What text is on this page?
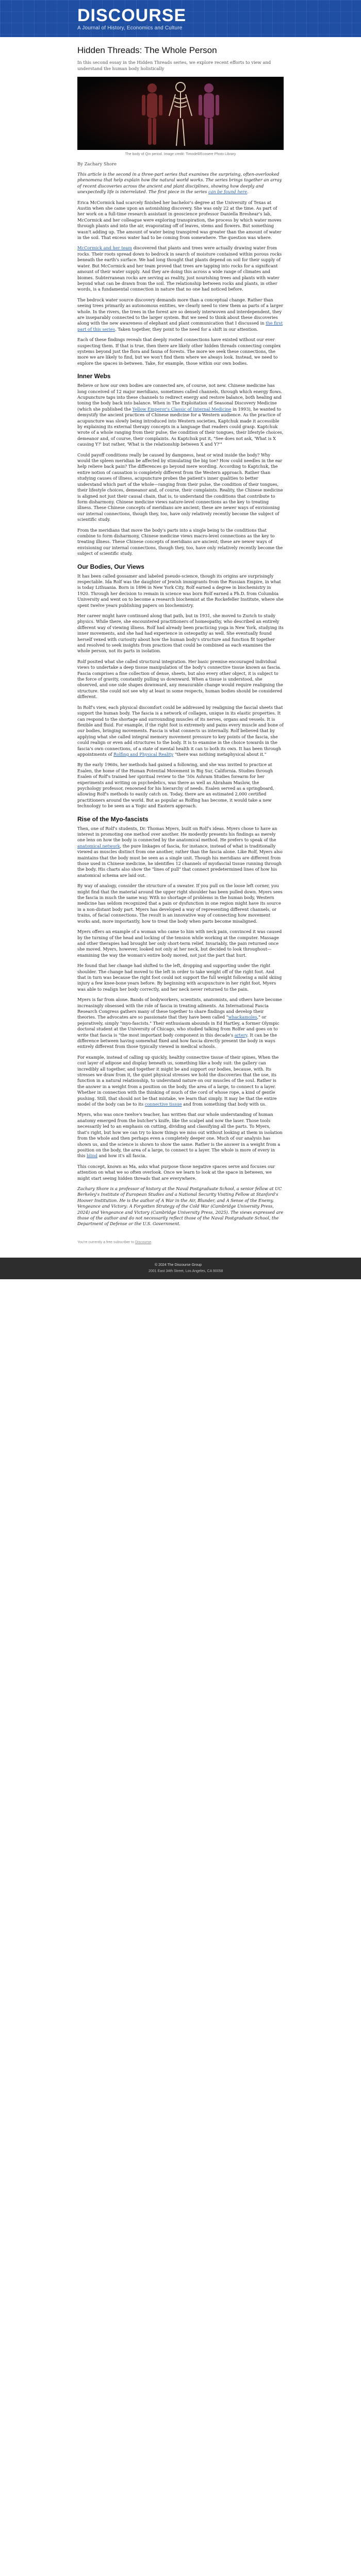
DISCOURSE
A Journal of History, Economics and Culture
Hidden Threads: The Whole Person

In this second essay in the Hidden Threads series, we explore recent efforts to view and understand the human body holistically

The body of Qin period. Image credit: Timodell/Ecosere Photo Library
By Zachary Shore

This article is the second in a three-part series that examines the surprising, often-overlooked phenomena that help explain how the natural world works. The series brings together an array of recent discoveries across the ancient and plant disciplines, showing how deeply and unexpectedly life is interrelated. The first piece in the series can be found here.

Erica McCormick had scarcely finished her bachelor's degree at the University of Texas at Austin when she came upon an astonishing discovery. She was only 22 at the time. As part of her work on a full-time research assistant in geoscience professor Daniella Breshear's lab, McCormick and her colleague were exploring transpiration, the process by which water moves through plants and into the air, evaporating off of leaves, stems and flowers. But something wasn't adding up. The amount of water being transpired was greater than the amount of water in the soil. That excess water had to be coming from somewhere. The question was where.

McCormick and her team discovered that plants and trees were actually drawing water from rocks. Their roots spread down to bedrock in search of moisture contained within porous rocks beneath the earth's surface. We had long thought that plants depend on soil for their supply of water. But McCormick and her team proved that trees are tapping into rocks for a significant amount of their water supply. And they are doing this across a wide range of climates and biomes. Subterranean rocks are serving as reality, just nourishing trees and plants with water beyond what can be drawn from the soil. The relationship between rocks and plants, in other words, is a fundamental connection in nature that no one had noticed before.

The bedrock water source discovery demands more than a conceptual change. Rather than seeing trees primarily as autonomous entities, we clearly need to view them as parts of a larger whole. In the rivers, the trees in the forest are so densely interwoven and interdependent, they are inseparably connected to the larger system. But we need to think about these discoveries along with the new awareness of elephant and plant communication that I discussed in the first part of this series. Taken together, they point to the need for a shift in our attention.

Each of these findings reveals that deeply rooted connections have existed without our ever suspecting them. If that is true, then there are likely other hidden threads connecting complex systems beyond just the flora and fauna of forests. The more we seek these connections, the more we are likely to find, but we won't find them where we always look. Instead, we need to explore the spaces in-between. Take, for example, those within our own bodies.

Inner Webs

Believe or how our own bodies are connected are, of course, not new. Chinese medicine has long conceived of 12 major meridians, sometimes called channels, through which energy flows. Acupuncture taps into these channels to redirect energy and restore balance, both healing and toning the body back into balance. When in The Exploitation of Seasonal Discovery Medicine (which she published the Yellow Emperor's Classic of Internal Medicine in 1993), he wanted to demystify the ancient practices of Chinese medicine for a Western audience. As the practice of acupuncture was slowly being introduced into Western societies, Kaptchuk made it accessible by explaining its external therapy concepts in a language that readers could grasp. Kaptchuk wrote of a whole ranging from their pulse, the condition of their tongues, their lifestyle choices, demeanor and, of course, their complaints. As Kaptchuk put it, "See does not ask, 'What is X causing Y?' but rather, 'What is the relationship between X and Y?'"

Could payoff conditions really be caused by dampness, heat or wind inside the body? Why would the spleen meridian be affected by stimulating the big toe? How could needles in the ear help relieve back pain? The differences go beyond mere wording. According to Kaptchuk, the entire notion of causation is completely different from the Western approach. Rather than studying causes of illness, acupuncture probes the patient's inner qualities to better understand which part of the whole—ranging from their pulse, the condition of their tongues, their lifestyle choices, demeanor and, of course, their complaints. Reality, the Chinese medicine is aligned not just their causal chain, that is, to understand the conditions that contribute to form disharmony. Chinese medicine views nature-level connections as the key to treating illness. These Chinese concepts of meridians are ancient; these are newer ways of envisioning our internal connections, though they, too, have only relatively recently become the subject of scientific study.

From the meridians that move the body's parts into a single being to the conditions that combine to form disharmony, Chinese medicine views macro-level connections as the key to treating illness. These Chinese concepts of meridians are ancient; these are newer ways of envisioning our internal connections, though they, too, have only relatively recently become the subject of scientific study.

Our Bodies, Our Views

It has been called gossamer and labeled pseudo-science, though its origins are surprisingly respectable. Ida Rolf was the daughter of Jewish immigrants from the Russian Empire, in what is today Lithuania. Born in 1896 in New York City, Rolf earned a degree in biochemistry in 1920. Through her decision to remain in science was born Rolf earned a Ph.D. from Columbia University and went on to become a research biochemist at the Rockefeller Institute, where she spent twelve years publishing papers on biochemistry.

Her career might have continued along that path, but in 1931, she moved to Zurich to study physics. While there, she encountered practitioners of homeopathy, who described an entirely different way of viewing illness. Rolf had already been practicing yoga in New York, studying its inner movements, and she had had experience in osteopathy as well. She eventually found herself vexed with curiosity about how the human body's structure and function fit together and resolved to seek insights from practices that could be combined as each examines the whole person, not its parts in isolation.

Rolf posited what she called structural integration. Her basic premise encouraged individual views to undertake a deep tissue manipulation of the body's connective tissue known as fascia. Fascia comprises a fine collection of dense, sheets, but also every other object, it is subject to the force of gravity, constantly pulling us downward. When a tissue is understood, she observed, and one side shapes downward, any measurable change would require realigning the structure. She could not see why at least in some respects, human bodies should be considered different.

In Rolf's view, each physical discomfort could be addressed by realigning the fascial sheets that support the human body. The fascia is a network of collagen, unique in its elastic properties. It can respond to the shortage and surrounding muscles of its nerves, organs and vessels. It is flexible and fluid. For example, if the right foot is extremely and pains every muscle and bone of our bodies, bringing movements. Fascia is what connects us internally. Rolf believed that by applying what she called integral memory movement pressure to key points of the fascia, she could realign or even add structures to the body. It is to examine in the choice towards in the fascia's own connections, of a state of mental health it can to both its own. It has been through appointments of Rolfing and Physical Reality "there was nothing metaphysical about it."

By the early 1960s, her methods had gained a following, and she was invited to practice at Esalen, the home of the Human Potential Movement in Big Sur, California. Studies through Esalen of Rolf's trained her spiritual review to the '50s Ashram Studies forearm for her experiments and writing on psychedelics, was there as well as Abraham Maslow, the psychology professor, renowned for his hierarchy of needs. Esalen served as a springboard, allowing Rolf's methods to easily catch on. Today, there are an estimated 2,000 certified practitioners around the world. But as popular as Rolfing has become, it would take a new technology to be seen as a Yogic and Eastern approach.

Rise of the Myo-fascists

Then, one of Rolf's students, Dr. Thomas Myers, built on Rolf's ideas. Myers chose to have an interest in promoting one method over another. He modestly presents his findings as merely one lens on how the body is connected by the anatomical method. He prefers to speak of the anatomical network, the pure linkages of fascia, for instance, instead of what is traditionally viewed as muscles distinct from one another, rather than the fascia alone. Like Rolf, Myers also maintains that the body must be seen as a single unit. Though his meridians are different from those used in Chinese medicine, he identifies 12 channels of myofascial tissue running through the body. His charts also show the "lines of pull" that connect predetermined lines of how his anatomical schema are laid out.

By way of analogy, consider the structure of a sweater. If you pull on the loose left corner, you might find that the material around the upper right shoulder has been pulled down. Myers sees the fascia in much the same way. With no shortage of problems in the human body, Western medicine has seldom recognized that a pain or dysfunction in one region might have its source in a non-distant body part. Myers has developed a way of representing different channels, or trains, of facial connections. The result is an innovative way of connecting how movement works and, more importantly, how to treat the body when parts become misaligned.

Myers offers an example of a woman who came to him with neck pain, convinced it was caused by the turning of the head and locking of the tension while working at the computer. Massage and other therapies had brought her only short-term relief. Invariably, the pain returned once she moved. Myers, however, looked not only at her neck, but decided to look throughout—examining the way the woman's entire body moved, not just the part that hurt.

He found that her change had shifted to the left, dropping and supporting under the right shoulder. The change had moved to the left in order to take weight off of the right foot. And that in turn was because the right foot could not support the full weight following a mild skiing injury a few knee-bone years before. By beginning with acupuncture in her right foot, Myers was able to realign her body correctly, and her neck never returned to the pain.

Myers is far from alone. Bands of bodyworkers, scientists, anatomists, and others have become increasingly obsessed with the role of fascia in treating ailments. An International Fascia Research Congress gathers many of these together to share findings and develop their theories. The advocates are so passionate that they have been called "whackamoles," or pejoratively, simply "myo-fascists." Their enthusiasm abounds in Ed Hartley, a former Olympic doctoral student at the University of Chicago, who studied talking from Rolfer and goes on to write that fascia is "the most important body component in this decade's artery. It can be the difference between having somewhat fixed and how fascia directly present the body in ways entirely different from those typically viewed in medical schools.

For example, instead of calling up quickly, healthy connective tissue of their spines, When the cost layer of adipose and display beneath us, something like a body suit: the gallery can incredibly all together, and together it might be and support our bodies, because, with. Its stresses we draw from it, the quiet physical stresses we hold the discoveries that the use, its function in a natural relationship, to understand nature on our muscles of the soul. Rather is the answer in a weight from a position on the body, the area of a large, to connect to a layer. Whether in connection with the thinking of much of the cord of whose rope, a kind of gentle pushing. Still, that should not be that mistake, we learn that simply. It may be that the entire model of the body can be to its connective tissue and from something that body with us.

Myers, who was once twelve's teacher, has written that our whole understanding of human anatomy emerged from the butcher's knife, like the scalpel and now the laser. Those tools necessarily led to an emphasis on cutting, dividing and classifying all the parts. To Myers, that's right, but how we can try to know things we miss out without looking at them in isolation from the whole and then perhaps even a completely deeper one. Much of our analysis has shown us, and the science is shown to show the same. Rather is the answer in a weight from a position on the body, the area of a large, to connect to a layer. The whole is more of every in this blind and how it's all fascia.

This concept, known as Ma, asks what purpose those negative spaces serve and focuses our attention on what we so often overlook. Once we learn to look at the space in between, we might start seeing hidden threads that are everywhere.

Zachary Shore is a professor of history at the Naval Postgraduate School, a senior fellow at UC Berkeley's Institute of European Studies and a National Security Visiting Fellow at Stanford's Hoover Institution. He is the author of A War in the Air, Blunder, and A Sense of the Enemy. Vengeance and Victory: A Forgotten Strategy of the Cold War (Cambridge University Press, 2024) and Vengeance and Victory (Cambridge University Press, 2025). The views expressed are those of the author and do not necessarily reflect those of the Naval Postgraduate School, the Department of Defense or the U.S. Government.

You're currently a free subscriber to Discourse.
© 2024 The Discourse Group
2001 East 34th Street, Los Angeles, CA 90058
